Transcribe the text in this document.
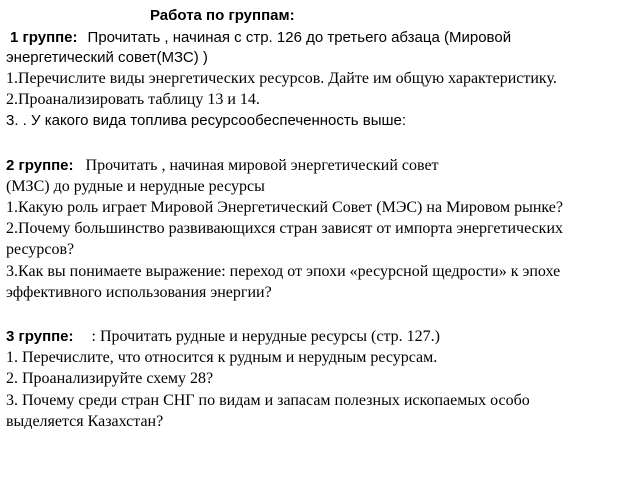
Работа по группам:
1 группе: Прочитать , начиная с стр. 126 до третьего абзаца (Мировой
энергетический совет(МЗС) )
1.Перечислите виды энергетических ресурсов. Дайте им общую характеристику.
2.Проанализировать таблицу 13 и 14.
3. . У какого вида топлива ресурсообеспеченность выше:
2 группе: Прочитать , начиная мировой энергетический совет
(МЗС) до рудные и нерудные ресурсы
1.Какую роль играет Мировой Энергетический Совет (МЭС) на Мировом рынке?
2.Почему большинство развивающихся стран зависят от импорта энергетических
ресурсов?
3.Как вы понимаете выражение: переход от эпохи «ресурсной щедрости» к эпохе
эффективного использования энергии?
3 группе: : Прочитать рудные и нерудные ресурсы (стр. 127.)
1. Перечислите, что относится к рудным и нерудным ресурсам.
2. Проанализируйте схему 28?
3. Почему среди стран СНГ по видам и запасам полезных ископаемых особо
выделяется Казахстан?
